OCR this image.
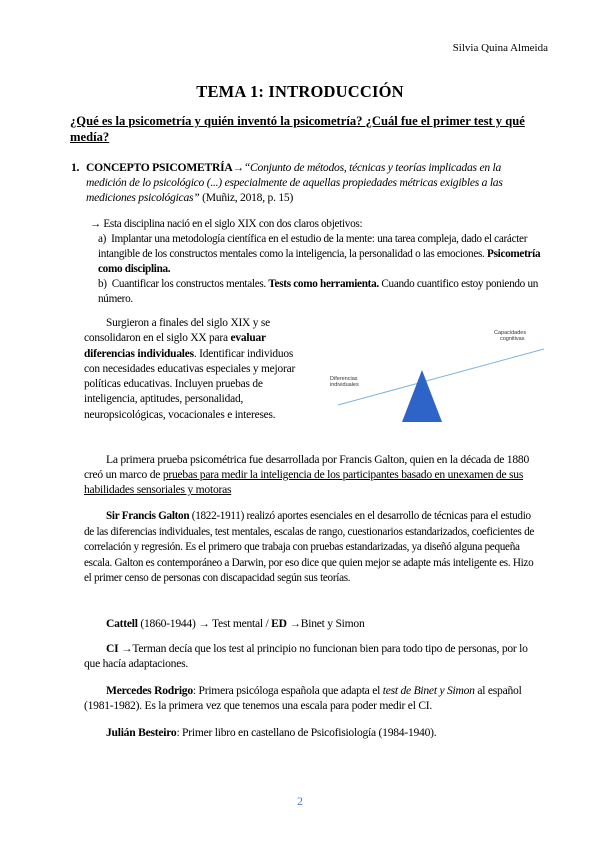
Silvia Quina Almeida
TEMA 1: INTRODUCCIÓN
¿Qué es la psicometría y quién inventó la psicometría? ¿Cuál fue el primer test y qué medía?
1. CONCEPTO PSICOMETRÍA→“Conjunto de métodos, técnicas y teorías implicadas en la medición de lo psicológico (...) especialmente de aquellas propiedades métricas exigibles a las mediciones psicológicas” (Muñiz, 2018, p. 15)
→ Esta disciplina nació en el siglo XIX con dos claros objetivos:
a) Implantar una metodología científica en el estudio de la mente: una tarea compleja, dado el carácter intangible de los constructos mentales como la inteligencia, la personalidad o las emociones. Psicometría como disciplina.
b) Cuantificar los constructos mentales. Tests como herramienta. Cuando cuantifico estoy poniendo un número.
Surgieron a finales del siglo XIX y se consolidaron en el siglo XX para evaluar diferencias individuales. Identificar individuos con necesidades educativas especiales y mejorar políticas educativas. Incluyen pruebas de inteligencia, aptitudes, personalidad, neuropsicológicas, vocacionales e intereses.
Diferencias
individuales
Capacidades
cognitivas
La primera prueba psicométrica fue desarrollada por Francis Galton, quien en la década de 1880 creó un marco de pruebas para medir la inteligencia de los participantes basado en unexamen de sus habilidades sensoriales y motoras
Sir Francis Galton (1822-1911) realizó aportes esenciales en el desarrollo de técnicas para el estudio de las diferencias individuales, test mentales, escalas de rango, cuestionarios estandarizados, coeficientes de correlación y regresión. Es el primero que trabaja con pruebas estandarizadas, ya diseñó alguna pequeña escala. Galton es contemporáneo a Darwin, por eso dice que quien mejor se adapte más inteligente es. Hizo el primer censo de personas con discapacidad según sus teorías.
Cattell (1860-1944) → Test mental / ED →Binet y Simon
CI →Terman decía que los test al principio no funcionan bien para todo tipo de personas, por lo que hacía adaptaciones.
Mercedes Rodrigo: Primera psicóloga española que adapta el test de Binet y Simon al español (1981-1982). Es la primera vez que tenemos una escala para poder medir el CI.
Julián Besteiro: Primer libro en castellano de Psicofisiología (1984-1940).
2
